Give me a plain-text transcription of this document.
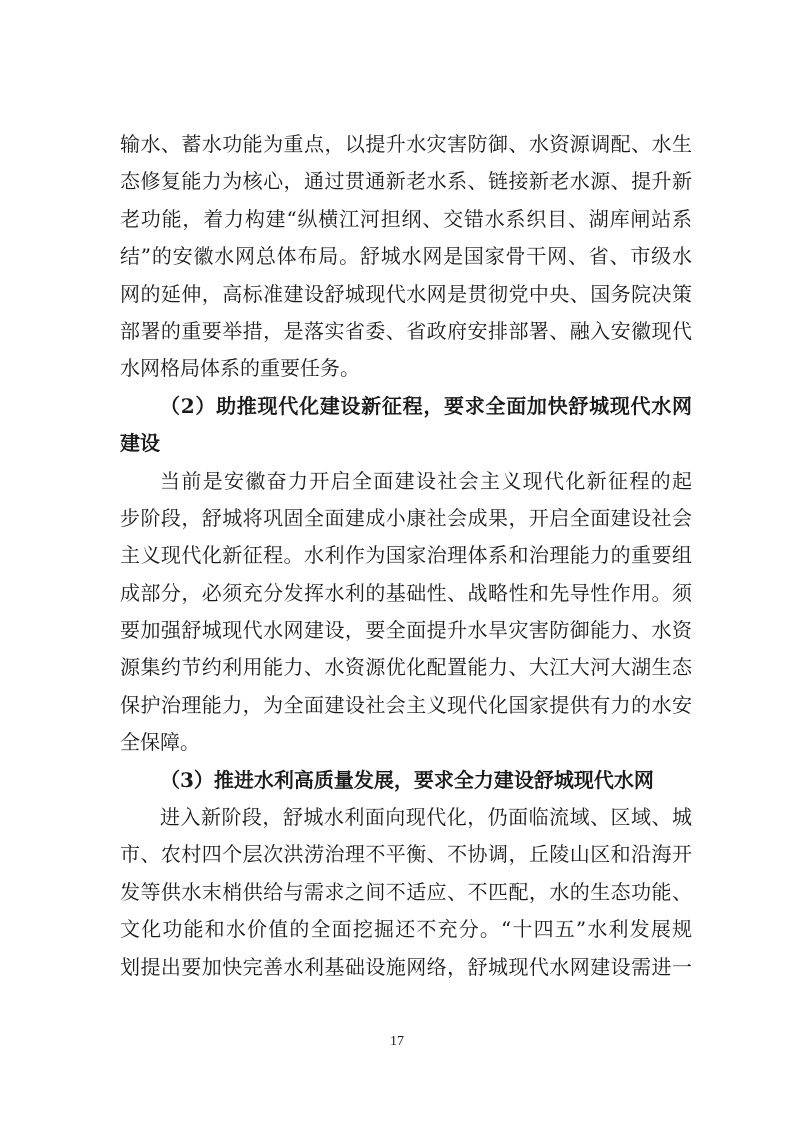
输水、蓄水功能为重点，以提升水灾害防御、水资源调配、水生
态修复能力为核心，通过贯通新老水系、链接新老水源、提升新
老功能，着力构建“纵横江河担纲、交错水系织目、湖库闸站系
结”的安徽水网总体布局。舒城水网是国家骨干网、省、市级水
网的延伸，高标准建设舒城现代水网是贯彻党中央、国务院决策
部署的重要举措，是落实省委、省政府安排部署、融入安徽现代
水网格局体系的重要任务。
（2）助推现代化建设新征程，要求全面加快舒城现代水网
建设
当前是安徽奋力开启全面建设社会主义现代化新征程的起
步阶段，舒城将巩固全面建成小康社会成果，开启全面建设社会
主义现代化新征程。水利作为国家治理体系和治理能力的重要组
成部分，必须充分发挥水利的基础性、战略性和先导性作用。须
要加强舒城现代水网建设，要全面提升水旱灾害防御能力、水资
源集约节约利用能力、水资源优化配置能力、大江大河大湖生态
保护治理能力，为全面建设社会主义现代化国家提供有力的水安
全保障。
（3）推进水利高质量发展，要求全力建设舒城现代水网
进入新阶段，舒城水利面向现代化，仍面临流域、区域、城
市、农村四个层次洪涝治理不平衡、不协调，丘陵山区和沿海开
发等供水末梢供给与需求之间不适应、不匹配，水的生态功能、
文化功能和水价值的全面挖掘还不充分。“十四五”水利发展规
划提出要加快完善水利基础设施网络，舒城现代水网建设需进一
17
